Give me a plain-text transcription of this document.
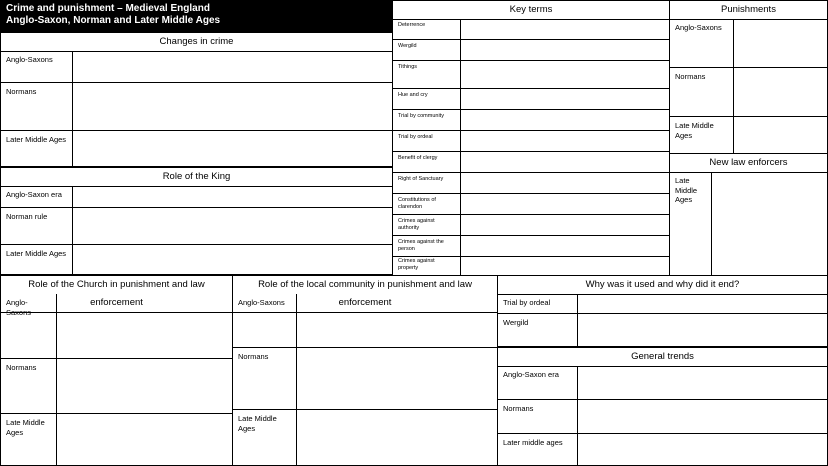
Crime and punishment – Medieval England
Anglo-Saxon, Norman and Later Middle Ages
Changes in crime
Anglo-Saxons
Normans
Later Middle Ages
Role of the King
Anglo-Saxon era
Norman rule
Later Middle Ages
Key terms
Deterrence
Wergild
Tithings
Hue and cry
Trial by community
Trial by ordeal
Benefit of clergy
Right of Sanctuary
Constitutions of clarendon
Crimes against authority
Crimes against the person
Crimes against property
Punishments
Anglo-Saxons
Normans
Late Middle Ages
New law enforcers
Late Middle Ages
Role of the Church in punishment and law enforcement
Anglo-Saxons
Normans
Late Middle Ages
Role of the local community in punishment and law enforcement
Anglo-Saxons
Normans
Late Middle Ages
Why was it used and why did it end?
Trial by ordeal
Wergild
General trends
Anglo-Saxon era
Normans
Later middle ages
